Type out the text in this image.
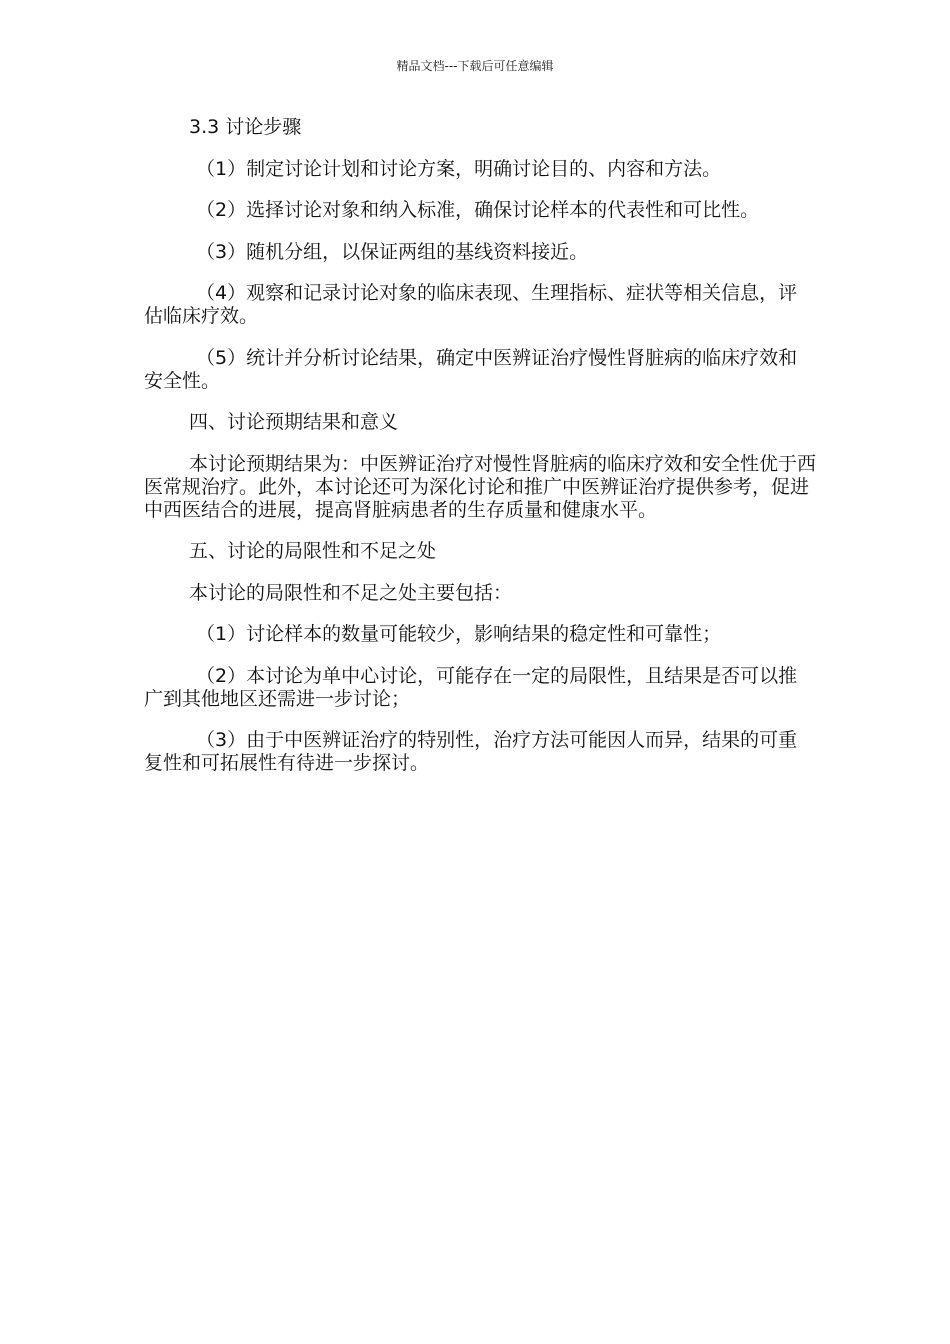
精品文档---下载后可任意编辑

3.3 讨论步骤

（1）制定讨论计划和讨论方案，明确讨论目的、内容和方法。

（2）选择讨论对象和纳入标准，确保讨论样本的代表性和可比性。

（3）随机分组，以保证两组的基线资料接近。

（4）观察和记录讨论对象的临床表现、生理指标、症状等相关信息，评估临床疗效。

（5）统计并分析讨论结果，确定中医辨证治疗慢性肾脏病的临床疗效和安全性。

四、讨论预期结果和意义

本讨论预期结果为：中医辨证治疗对慢性肾脏病的临床疗效和安全性优于西医常规治疗。此外，本讨论还可为深化讨论和推广中医辨证治疗提供参考，促进中西医结合的进展，提高肾脏病患者的生存质量和健康水平。

五、讨论的局限性和不足之处

本讨论的局限性和不足之处主要包括：

（1）讨论样本的数量可能较少，影响结果的稳定性和可靠性；

（2）本讨论为单中心讨论，可能存在一定的局限性，且结果是否可以推广到其他地区还需进一步讨论；

（3）由于中医辨证治疗的特别性，治疗方法可能因人而异，结果的可重复性和可拓展性有待进一步探讨。
